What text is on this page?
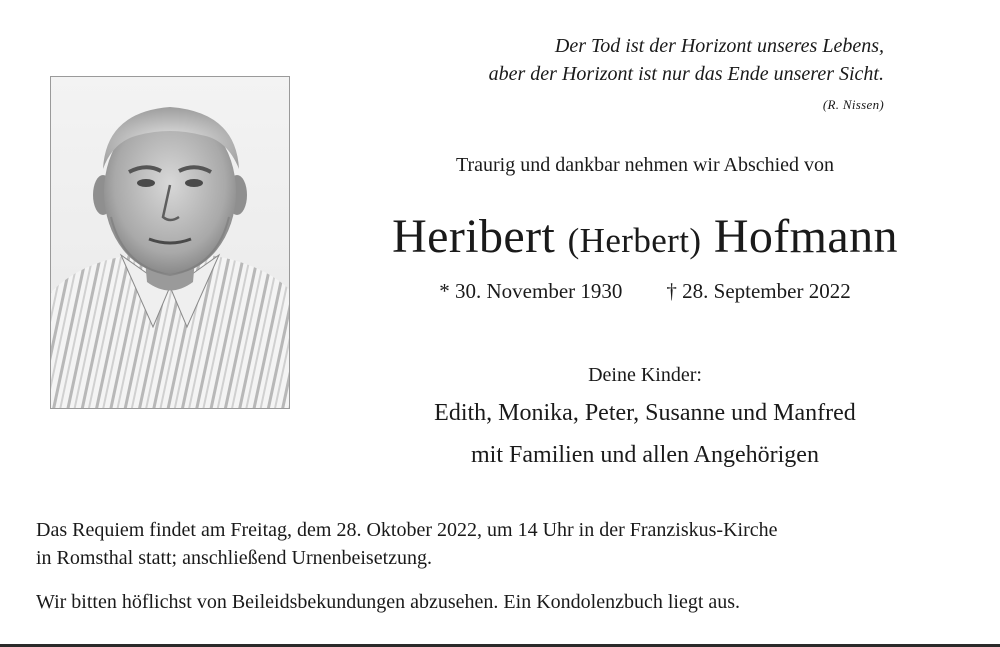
Der Tod ist der Horizont unseres Lebens,
aber der Horizont ist nur das Ende unserer Sicht.
(R. Nissen)
Traurig und dankbar nehmen wir Abschied von
Heribert (Herbert) Hofmann
* 30. November 1930 † 28. September 2022
Deine Kinder:
Edith, Monika, Peter, Susanne und Manfred
mit Familien und allen Angehörigen
Das Requiem findet am Freitag, dem 28. Oktober 2022, um 14 Uhr in der Franziskus-Kirche
in Romsthal statt; anschließend Urnenbeisetzung.
Wir bitten höflichst von Beileidsbekundungen abzusehen. Ein Kondolenzbuch liegt aus.
